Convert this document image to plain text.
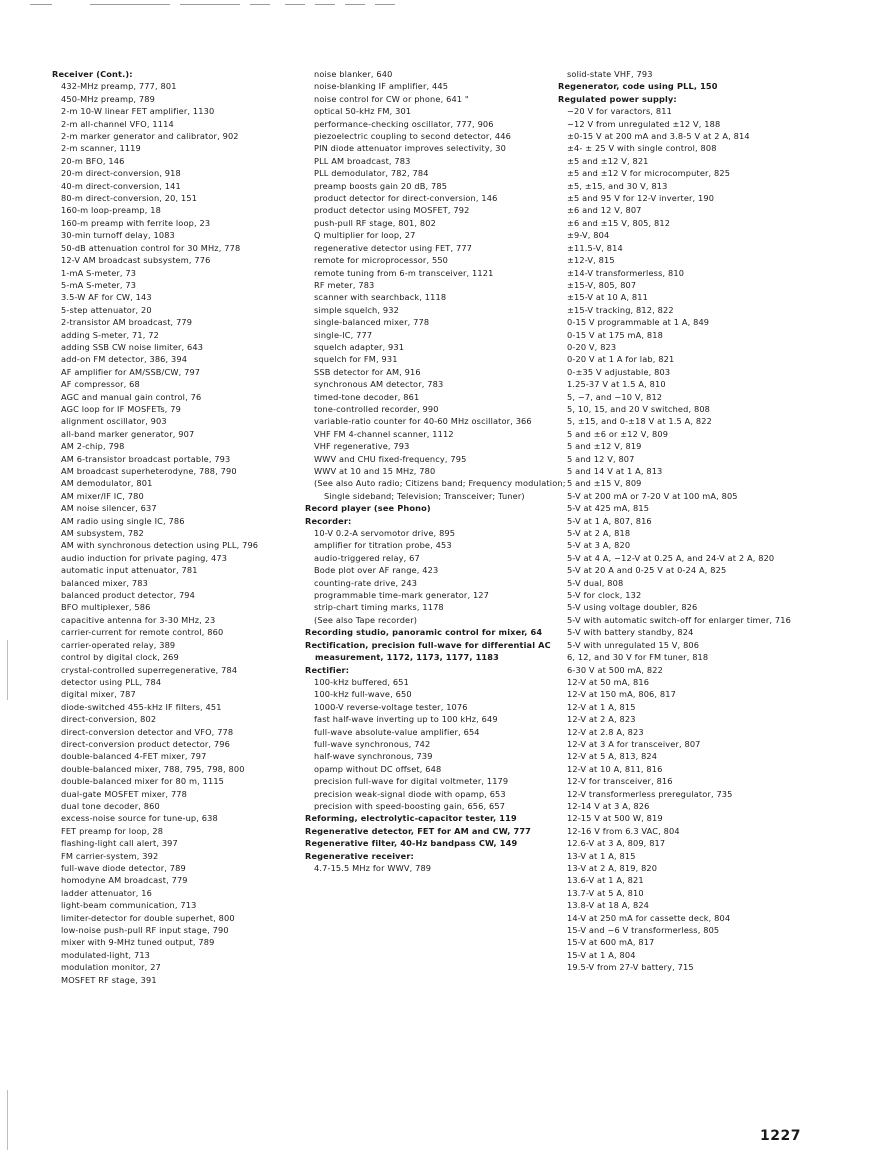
Receiver (Cont.):
432-MHz preamp, 777, 801
450-MHz preamp, 789
2-m 10-W linear FET amplifier, 1130
2-m all-channel VFO, 1114
2-m marker generator and calibrator, 902
2-m scanner, 1119
20-m BFO, 146
20-m direct-conversion, 918
40-m direct-conversion, 141
80-m direct-conversion, 20, 151
160-m loop-preamp, 18
160-m preamp with ferrite loop, 23
30-min turnoff delay, 1083
50-dB attenuation control for 30 MHz, 778
12-V AM broadcast subsystem, 776
1-mA S-meter, 73
5-mA S-meter, 73
3.5-W AF for CW, 143
5-step attenuator, 20
2-transistor AM broadcast, 779
adding S-meter, 71, 72
adding SSB CW noise limiter, 643
add-on FM detector, 386, 394
AF amplifier for AM/SSB/CW, 797
AF compressor, 68
AGC and manual gain control, 76
AGC loop for IF MOSFETs, 79
alignment oscillator, 903
all-band marker generator, 907
AM 2-chip, 798
AM 6-transistor broadcast portable, 793
AM broadcast superheterodyne, 788, 790
AM demodulator, 801
AM mixer/IF IC, 780
AM noise silencer, 637
AM radio using single IC, 786
AM subsystem, 782
AM with synchronous detection using PLL, 796
audio induction for private paging, 473
automatic input attenuator, 781
balanced mixer, 783
balanced product detector, 794
BFO multiplexer, 586
capacitive antenna for 3-30 MHz, 23
carrier-current for remote control, 860
carrier-operated relay, 389
control by digital clock, 269
crystal-controlled superregenerative, 784
detector using PLL, 784
digital mixer, 787
diode-switched 455-kHz IF filters, 451
direct-conversion, 802
direct-conversion detector and VFO, 778
direct-conversion product detector, 796
double-balanced 4-FET mixer, 797
double-balanced mixer, 788, 795, 798, 800
double-balanced mixer for 80 m, 1115
dual-gate MOSFET mixer, 778
dual tone decoder, 860
excess-noise source for tune-up, 638
FET preamp for loop, 28
flashing-light call alert, 397
FM carrier-system, 392
full-wave diode detector, 789
homodyne AM broadcast, 779
ladder attenuator, 16
light-beam communication, 713
limiter-detector for double superhet, 800
low-noise push-pull RF input stage, 790
mixer with 9-MHz tuned output, 789
modulated-light, 713
modulation monitor, 27
MOSFET RF stage, 391
noise blanker, 640
noise-blanking IF amplifier, 445
noise control for CW or phone, 641 "
optical 50-kHz FM, 301
performance-checking oscillator, 777, 906
piezoelectric coupling to second detector, 446
PIN diode attenuator improves selectivity, 30
PLL AM broadcast, 783
PLL demodulator, 782, 784
preamp boosts gain 20 dB, 785
product detector for direct-conversion, 146
product detector using MOSFET, 792
push-pull RF stage, 801, 802
Q multiplier for loop, 27
regenerative detector using FET, 777
remote for microprocessor, 550
remote tuning from 6-m transceiver, 1121
RF meter, 783
scanner with searchback, 1118
simple squelch, 932
single-balanced mixer, 778
single-IC, 777
squelch adapter, 931
squelch for FM, 931
SSB detector for AM, 916
synchronous AM detector, 783
timed-tone decoder, 861
tone-controlled recorder, 990
variable-ratio counter for 40-60 MHz oscillator, 366
VHF FM 4-channel scanner, 1112
VHF regenerative, 793
WWV and CHU fixed-frequency, 795
WWV at 10 and 15 MHz, 780
(See also Auto radio; Citizens band; Frequency modulation; Single sideband; Television; Transceiver; Tuner)
Record player (see Phono)
Recorder:
10-V 0.2-A servomotor drive, 895
amplifier for titration probe, 453
audio-triggered relay, 67
Bode plot over AF range, 423
counting-rate drive, 243
programmable time-mark generator, 127
strip-chart timing marks, 1178
(See also Tape recorder)
Recording studio, panoramic control for mixer, 64
Rectification, precision full-wave for differential AC measurement, 1172, 1173, 1177, 1183
Rectifier:
100-kHz buffered, 651
100-kHz full-wave, 650
1000-V reverse-voltage tester, 1076
fast half-wave inverting up to 100 kHz, 649
full-wave absolute-value amplifier, 654
full-wave synchronous, 742
half-wave synchronous, 739
opamp without DC offset, 648
precision full-wave for digital voltmeter, 1179
precision weak-signal diode with opamp, 653
precision with speed-boosting gain, 656, 657
Reforming, electrolytic-capacitor tester, 119
Regenerative detector, FET for AM and CW, 777
Regenerative filter, 40-Hz bandpass CW, 149
Regenerative receiver:
4.7-15.5 MHz for WWV, 789
solid-state VHF, 793
Regenerator, code using PLL, 150
Regulated power supply:
−20 V for varactors, 811
−12 V from unregulated ±12 V, 188
±0-15 V at 200 mA and 3.8-5 V at 2 A, 814
±4- ± 25 V with single control, 808
±5 and ±12 V, 821
±5 and ±12 V for microcomputer, 825
±5, ±15, and 30 V, 813
±5 and 95 V for 12-V inverter, 190
±6 and 12 V, 807
±6 and ±15 V, 805, 812
±9-V, 804
±11.5-V, 814
±12-V, 815
±14-V transformerless, 810
±15-V, 805, 807
±15-V at 10 A, 811
±15-V tracking, 812, 822
0-15 V programmable at 1 A, 849
0-15 V at 175 mA, 818
0-20 V, 823
0-20 V at 1 A for lab, 821
0-±35 V adjustable, 803
1.25-37 V at 1.5 A, 810
5, −7, and −10 V, 812
5, 10, 15, and 20 V switched, 808
5, ±15, and 0-±18 V at 1.5 A, 822
5 and ±6 or ±12 V, 809
5 and ±12 V, 819
5 and 12 V, 807
5 and 14 V at 1 A, 813
5 and ±15 V, 809
5-V at 200 mA or 7-20 V at 100 mA, 805
5-V at 425 mA, 815
5-V at 1 A, 807, 816
5-V at 2 A, 818
5-V at 3 A, 820
5-V at 4 A, −12-V at 0.25 A, and 24-V at 2 A, 820
5-V at 20 A and 0-25 V at 0-24 A, 825
5-V dual, 808
5-V for clock, 132
5-V using voltage doubler, 826
5-V with automatic switch-off for enlarger timer, 716
5-V with battery standby, 824
5-V with unregulated 15 V, 806
6, 12, and 30 V for FM tuner, 818
6-30 V at 500 mA, 822
12-V at 50 mA, 816
12-V at 150 mA, 806, 817
12-V at 1 A, 815
12-V at 2 A, 823
12-V at 2.8 A, 823
12-V at 3 A for transceiver, 807
12-V at 5 A, 813, 824
12-V at 10 A, 811, 816
12-V for transceiver, 816
12-V transformerless preregulator, 735
12-14 V at 3 A, 826
12-15 V at 500 W, 819
12-16 V from 6.3 VAC, 804
12.6-V at 3 A, 809, 817
13-V at 1 A, 815
13-V at 2 A, 819, 820
13.6-V at 1 A, 821
13.7-V at 5 A, 810
13.8-V at 18 A, 824
14-V at 250 mA for cassette deck, 804
15-V and −6 V transformerless, 805
15-V at 600 mA, 817
15-V at 1 A, 804
19.5-V from 27-V battery, 715
1227
